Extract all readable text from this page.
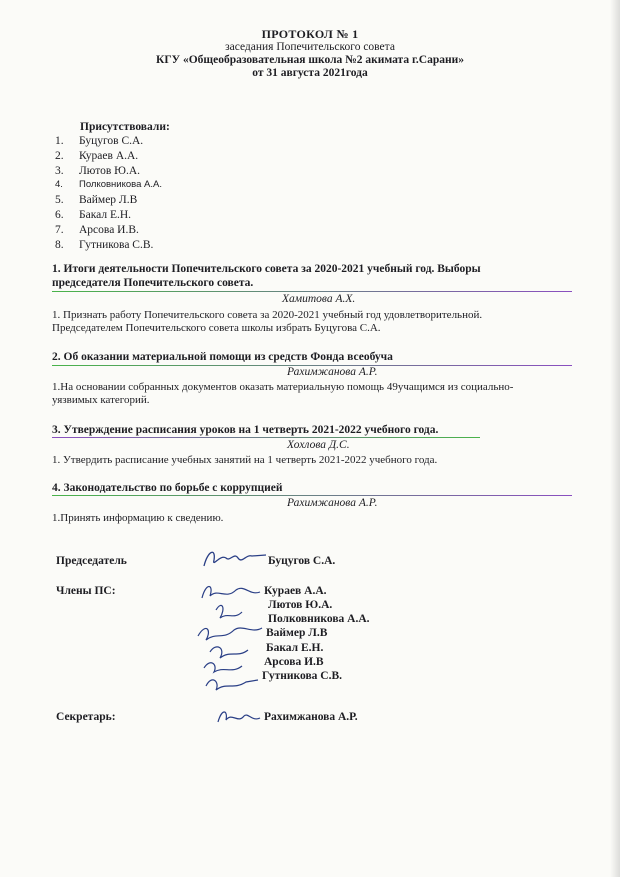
ПРОТОКОЛ № 1
заседания Попечительского совета
КГУ «Общеобразовательная школа №2 акимата г.Сарани»
от 31 августа 2021года
Присутствовали:
1. Буцугов С.А.
2. Кураев А.А.
3. Лютов Ю.А.
4. Полковникова А.А.
5. Ваймер Л.В
6. Бакал Е.Н.
7. Арсова И.В.
8. Гутникова С.В.
1. Итоги деятельности Попечительского совета за 2020-2021 учебный год. Выборы
председателя Попечительского совета.
Хамитова А.Х.
1. Признать работу Попечительского совета за 2020-2021 учебный год удовлетворительной.
Председателем Попечительского совета школы избрать Буцугова С.А.
2. Об оказании материальной помощи из средств Фонда всеобуча
Рахимжанова А.Р.
1.На основании собранных документов оказать материальную помощь 49учащимся из социально-
уязвимых категорий.
3. Утверждение расписания уроков на 1 четверть 2021-2022 учебного года.
Хохлова Д.С.
1. Утвердить расписание учебных занятий на 1 четверть 2021-2022 учебного года.
4. Законодательство по борьбе с коррупцией
Рахимжанова А.Р.
1.Принять информацию к сведению.
Председатель	Буцугов С.А.
Члены ПС:	Кураев А.А.
Лютов Ю.А.
Полковникова А.А.
Ваймер Л.В
Бакал Е.Н.
Арсова И.В
Гутникова С.В.
Секретарь:	Рахимжанова А.Р.
